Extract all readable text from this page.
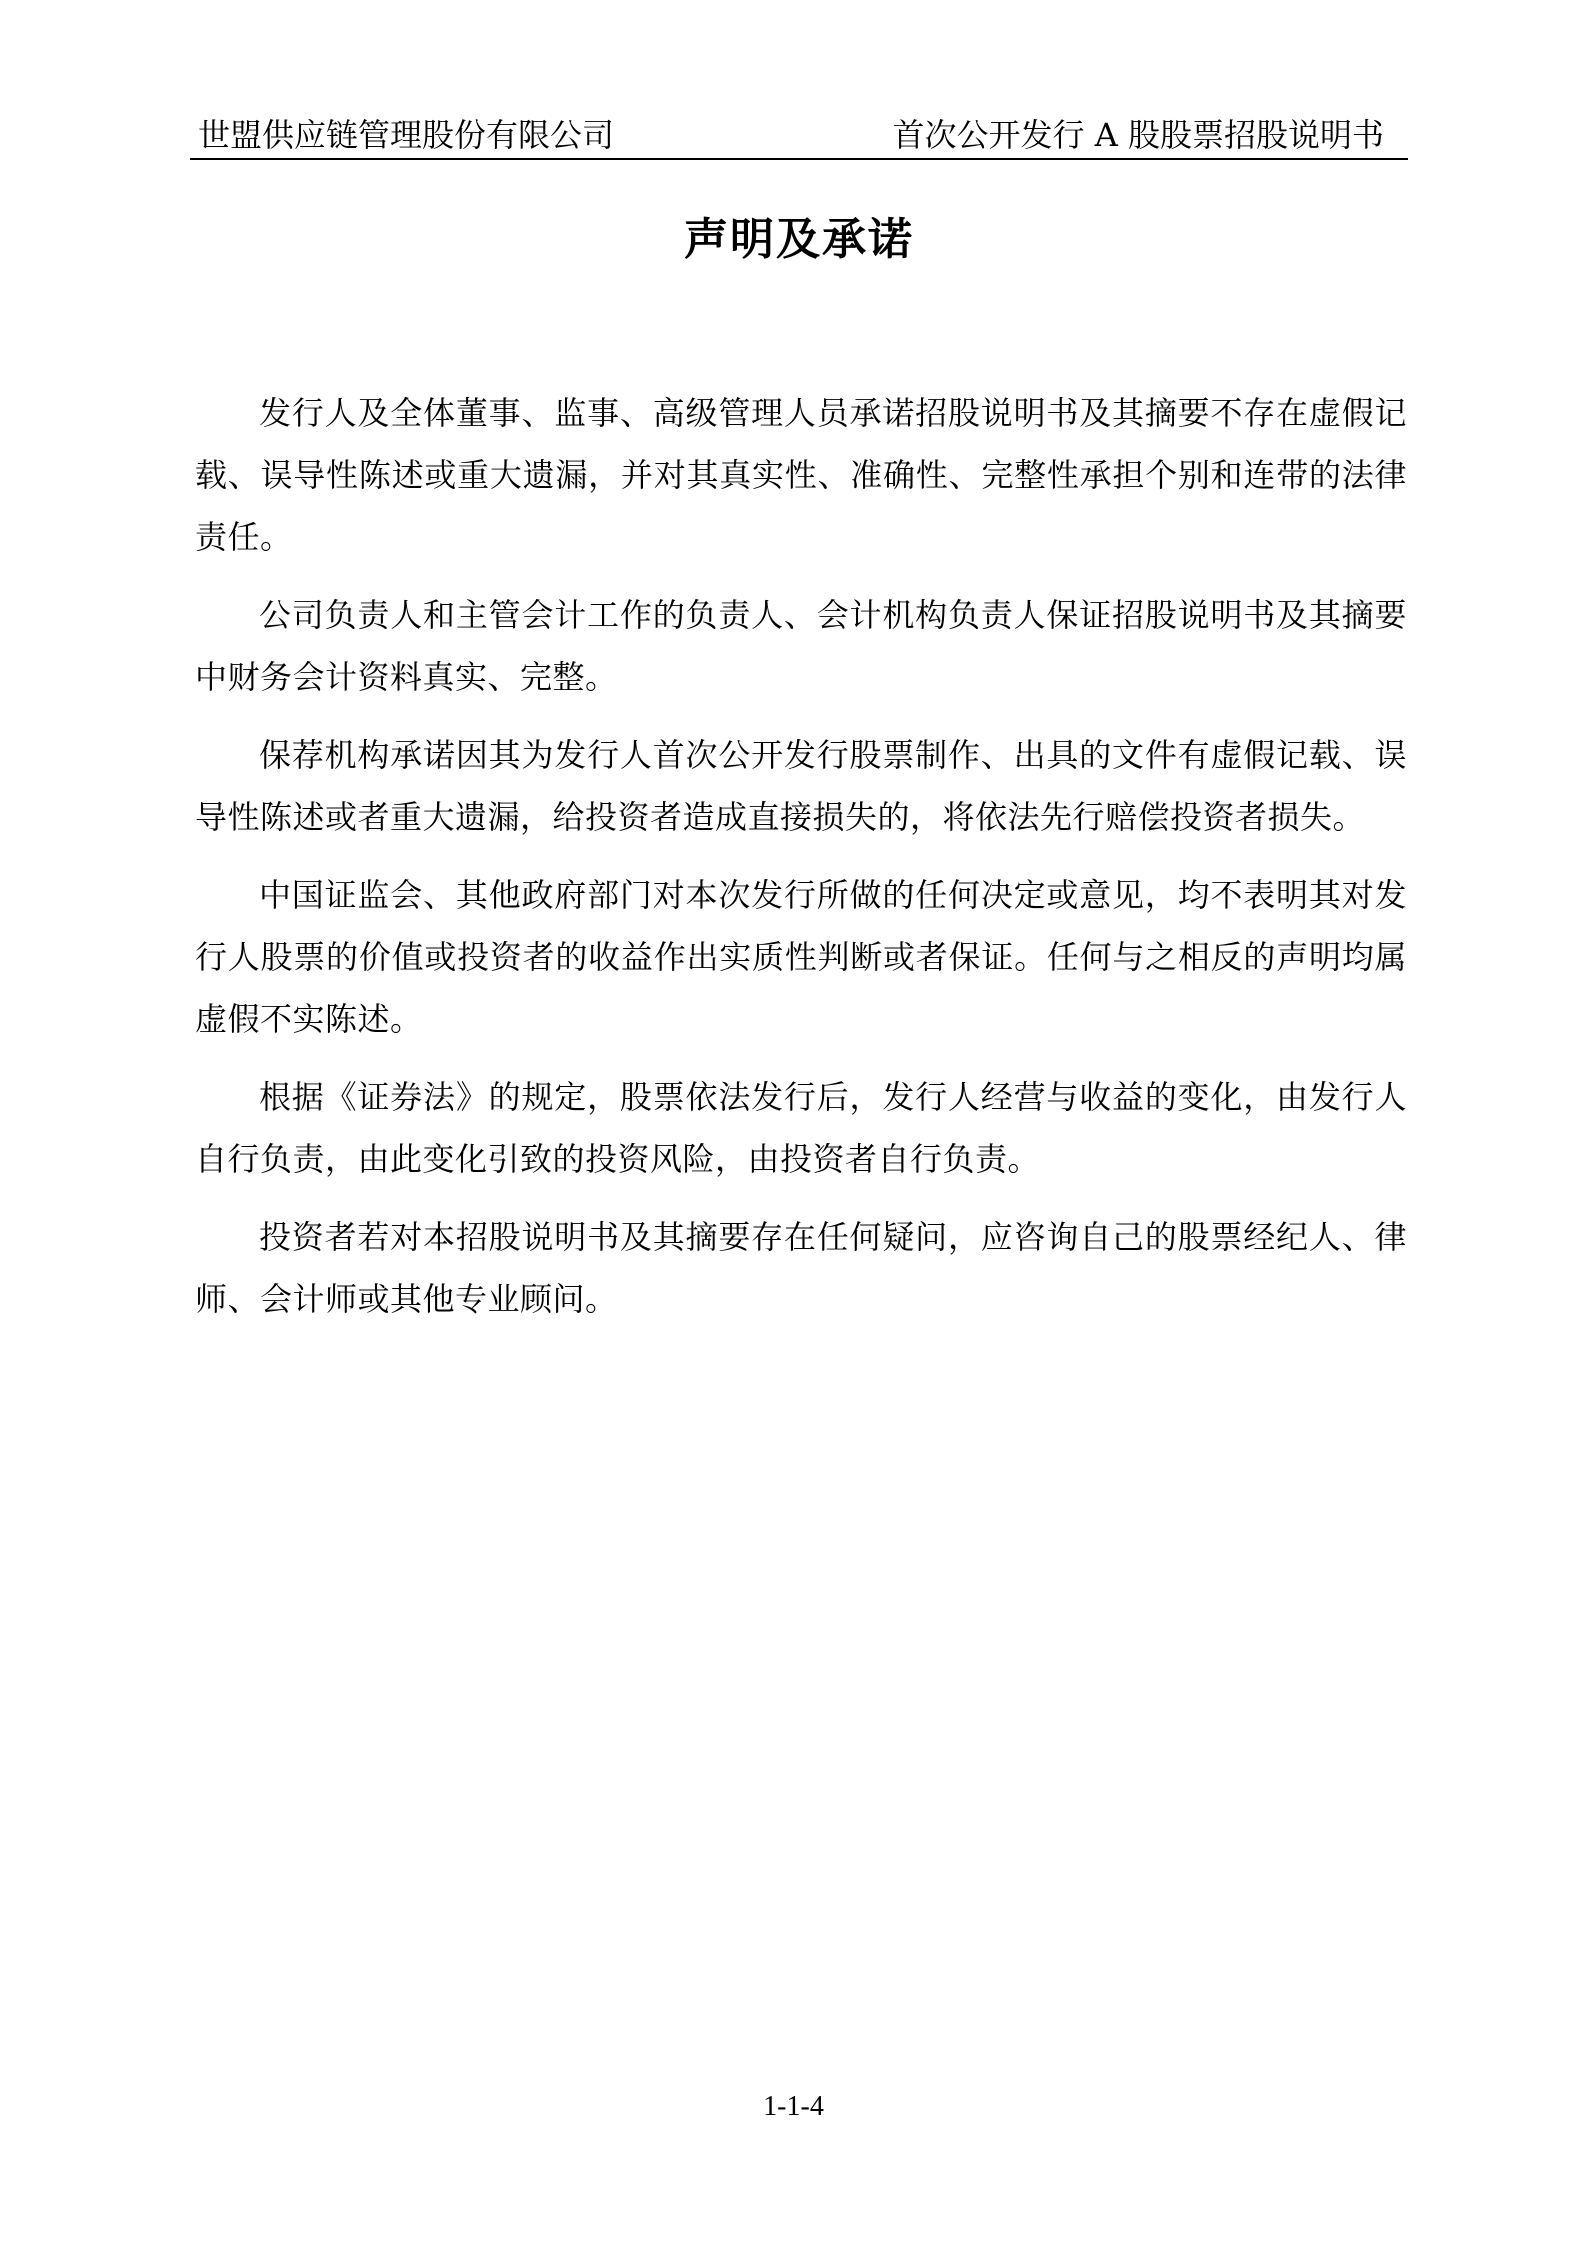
世盟供应链管理股份有限公司	首次公开发行 A 股股票招股说明书
声明及承诺

发行人及全体董事、监事、高级管理人员承诺招股说明书及其摘要不存在虚假记载、误导性陈述或重大遗漏，并对其真实性、准确性、完整性承担个别和连带的法律责任。

公司负责人和主管会计工作的负责人、会计机构负责人保证招股说明书及其摘要中财务会计资料真实、完整。

保荐机构承诺因其为发行人首次公开发行股票制作、出具的文件有虚假记载、误导性陈述或者重大遗漏，给投资者造成直接损失的，将依法先行赔偿投资者损失。

中国证监会、其他政府部门对本次发行所做的任何决定或意见，均不表明其对发行人股票的价值或投资者的收益作出实质性判断或者保证。任何与之相反的声明均属虚假不实陈述。

根据《证券法》的规定，股票依法发行后，发行人经营与收益的变化，由发行人自行负责，由此变化引致的投资风险，由投资者自行负责。

投资者若对本招股说明书及其摘要存在任何疑问，应咨询自己的股票经纪人、律师、会计师或其他专业顾问。

1-1-4
